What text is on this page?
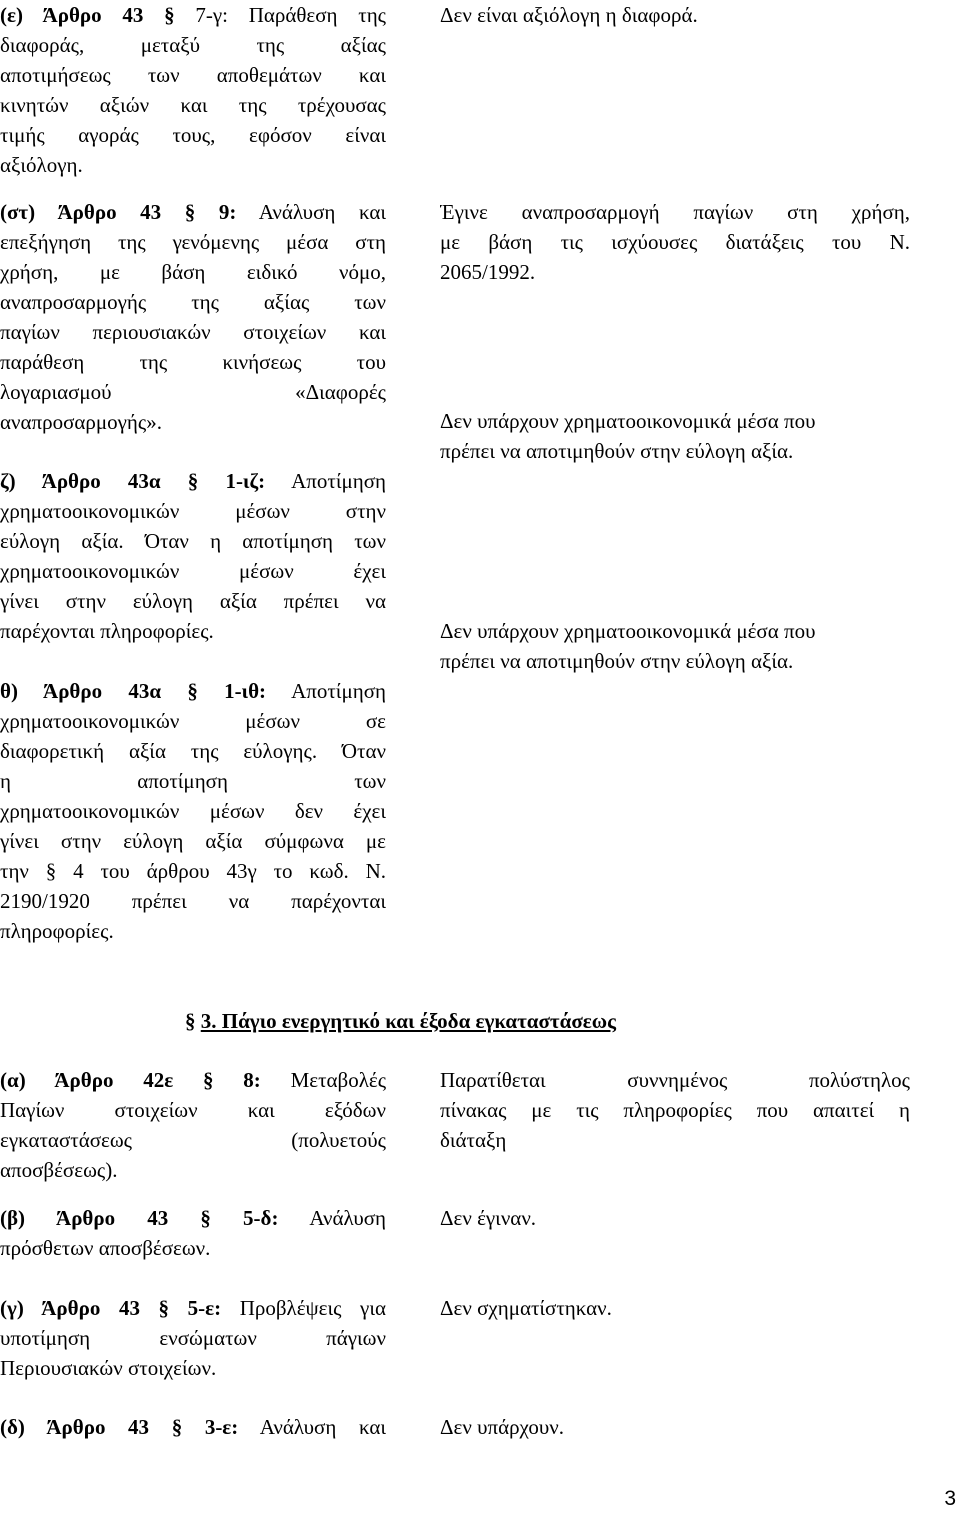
(ε) Άρθρο 43 § 7-γ: Παράθεση της
διαφοράς, μεταξύ της αξίας
αποτιμήσεως των αποθεμάτων και
κινητών αξιών και της τρέχουσας
τιμής αγοράς τους, εφόσον είναι
αξιόλογη.
Δεν είναι αξιόλογη η διαφορά.
(στ) Άρθρο 43 § 9: Ανάλυση και
επεξήγηση της γενόμενης μέσα στη
χρήση, με βάση ειδικό νόμο,
αναπροσαρμογής της αξίας των
παγίων περιουσιακών στοιχείων και
παράθεση της κινήσεως του
λογαριασμού «Διαφορές
αναπροσαρμογής».
Έγινε αναπροσαρμογή παγίων στη χρήση,
με βάση τις ισχύουσες διατάξεις του Ν.
2065/1992.
ζ) Άρθρο 43α § 1-ιζ: Αποτίμηση
χρηματοοικονομικών μέσων στην
εύλογη αξία. Όταν η αποτίμηση των
χρηματοοικονομικών μέσων έχει
γίνει στην εύλογη αξία πρέπει να
παρέχονται πληροφορίες.
Δεν υπάρχουν χρηματοοικονομικά μέσα που
πρέπει να αποτιμηθούν στην εύλογη αξία.
θ) Άρθρο 43α § 1-ιθ: Αποτίμηση
χρηματοοικονομικών μέσων σε
διαφορετική αξία της εύλογης. Όταν
η αποτίμηση των
χρηματοοικονομικών μέσων δεν έχει
γίνει στην εύλογη αξία σύμφωνα με
την § 4 του άρθρου 43γ το κωδ. Ν.
2190/1920 πρέπει να παρέχονται
πληροφορίες.
Δεν υπάρχουν χρηματοοικονομικά μέσα που
πρέπει να αποτιμηθούν στην εύλογη αξία.
§ 3. Πάγιο ενεργητικό και έξοδα εγκαταστάσεως
(α) Άρθρο 42ε § 8: Μεταβολές
Παγίων στοιχείων και εξόδων
εγκαταστάσεως (πολυετούς
αποσβέσεως).
Παρατίθεται συννημένος πολύστηλος
πίνακας με τις πληροφορίες που απαιτεί η
διάταξη
(β) Άρθρο 43 § 5-δ: Ανάλυση
πρόσθετων αποσβέσεων.
Δεν έγιναν.
(γ) Άρθρο 43 § 5-ε: Προβλέψεις για
υποτίμηση ενσώματων πάγιων
Περιουσιακών στοιχείων.
Δεν σχηματίστηκαν.
(δ) Άρθρο 43 § 3-ε: Ανάλυση και	Δεν υπάρχουν.
3
